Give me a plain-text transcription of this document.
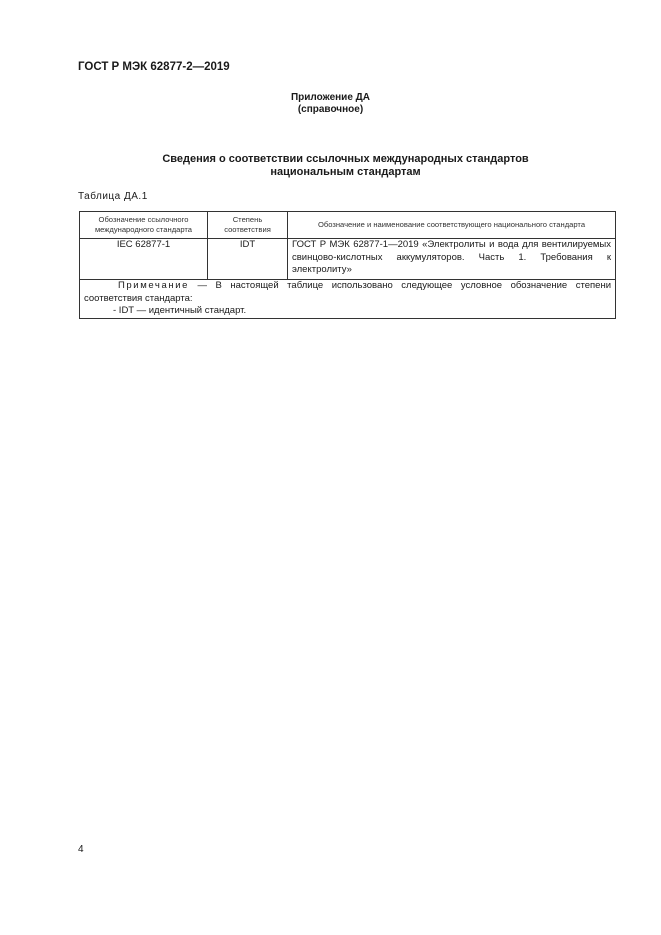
ГОСТ Р МЭК 62877-2—2019
Приложение ДА
(справочное)
Сведения о соответствии ссылочных международных стандартов
национальным стандартам
Таблица ДА.1
Обозначение ссылочного международного стандарта	Степень соответствия	Обозначение и наименование соответствующего национального стандарта
IEC 62877-1	IDT	ГОСТ Р МЭК 62877-1—2019 «Электролиты и вода для вентилируемых свинцово-кислотных аккумуляторов. Часть 1. Требования к электролиту»

Примечание — В настоящей таблице использовано следующее условное обозначение степени соответствия стандарта:
- IDT — идентичный стандарт.		
4
